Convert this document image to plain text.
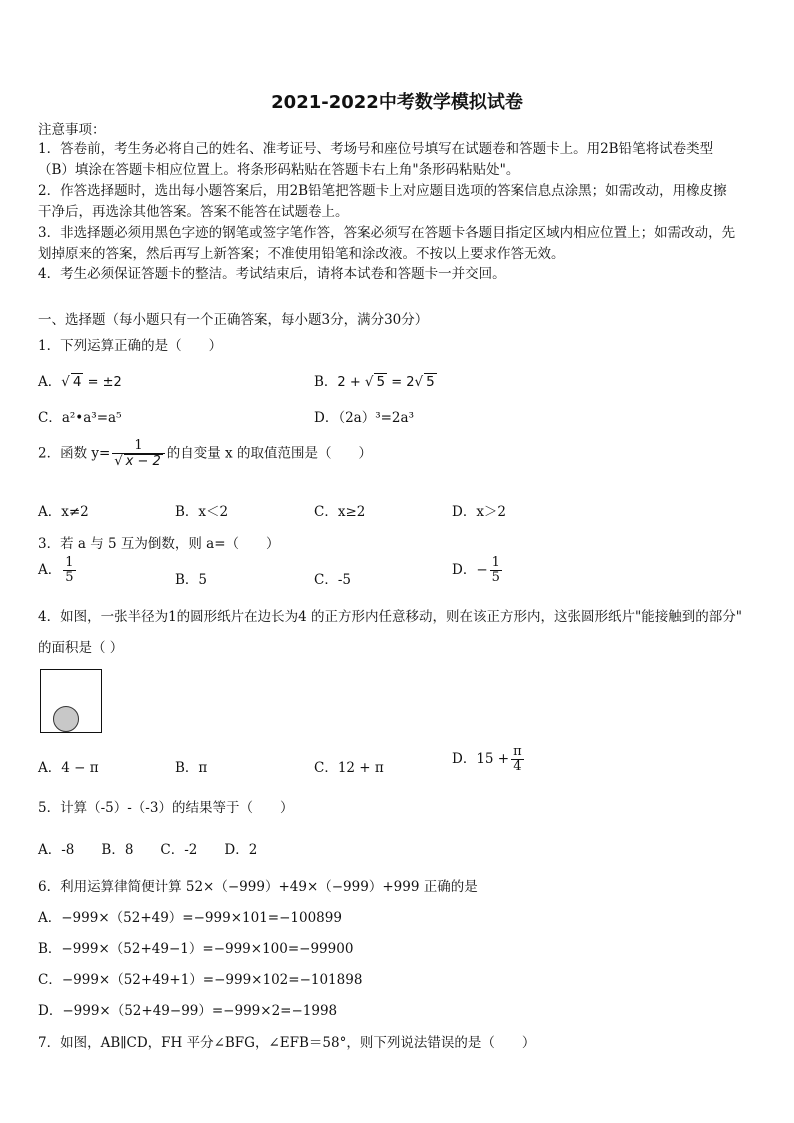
2021-2022中考数学模拟试卷
注意事项：
1．答卷前，考生务必将自己的姓名、准考证号、考场号和座位号填写在试题卷和答题卡上。用2B铅笔将试卷类型
（B）填涂在答题卡相应位置上。将条形码粘贴在答题卡右上角"条形码粘贴处"。
2．作答选择题时，选出每小题答案后，用2B铅笔把答题卡上对应题目选项的答案信息点涂黑；如需改动，用橡皮擦
干净后，再选涂其他答案。答案不能答在试题卷上。
3．非选择题必须用黑色字迹的钢笔或签字笔作答，答案必须写在答题卡各题目指定区域内相应位置上；如需改动，先
划掉原来的答案，然后再写上新答案；不准使用铅笔和涂改液。不按以上要求作答无效。
4．考生必须保证答题卡的整洁。考试结束后，请将本试卷和答题卡一并交回。
一、选择题（每小题只有一个正确答案，每小题3分，满分30分）
1．下列运算正确的是（　　）
A．√ 4 = ±2	B．2 + √ 5 = 2√ 5
C．a²•a³=a⁵	D．（2a）³=2a³
2．函数 $y= \frac{1}{√ x - 2}$ 的自变量 x 的取值范围是（　　）
A．x≠2	B．x＜2	C．x≥2	D．x＞2
3．若 a 与 5 互为倒数，则 a=（　　）
A． $\frac{1}{5}$	B．5	C．-5
D．− $\frac{1}{5}$
4．如图，一张半径为1的圆形纸片在边长为4 的正方形内任意移动，则在该正方形内，这张圆形纸片"能接触到的部分"
的面积是（ ）
A．4 − π	B．π	C．12 + π
D．$15 + \frac{\pi}{4}$
5．计算（-5）-（-3）的结果等于（　　）
A．-8　　B．8　　C．-2　　D．2
6．利用运算律简便计算 52×（−999）+49×（−999）+999 正确的是
A．−999×（52+49）=−999×101=−100899
B．−999×（52+49−1）=−999×100=−99900
C．−999×（52+49+1）=−999×102=−101898
D．−999×（52+49−99）=−999×2=−1998
7．如图，AB∥CD，FH 平分∠BFG，∠EFB＝58°，则下列说法错误的是（　　）
